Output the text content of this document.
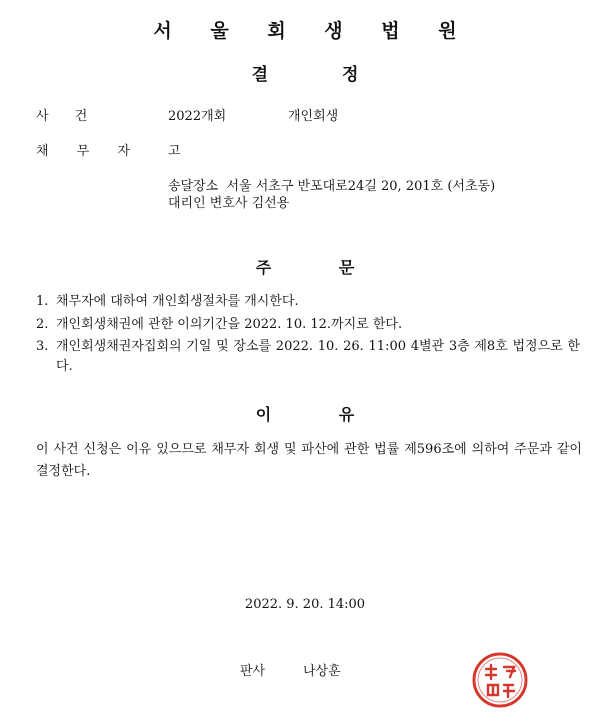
서 울 회 생 법 원
결 정
사 건	2022개회	개인회생
채 무 자	고
송달장소  서울 서초구 반포대로24길 20, 201호 (서초동)
대리인 변호사 김선용
주 문
1. 채무자에 대하여 개인회생절차를 개시한다.
2. 개인회생채권에 관한 이의기간을 2022. 10. 12.까지로 한다.
3. 개인회생채권자집회의 기일 및 장소를 2022. 10. 26. 11:00 4별관 3층 제8호 법정으로 한다.
이 유
이 사건 신청은 이유 있으므로 채무자 회생 및 파산에 관한 법률 제596조에 의하여 주문과 같이 결정한다.
2022. 9. 20. 14:00
판사	나상훈
